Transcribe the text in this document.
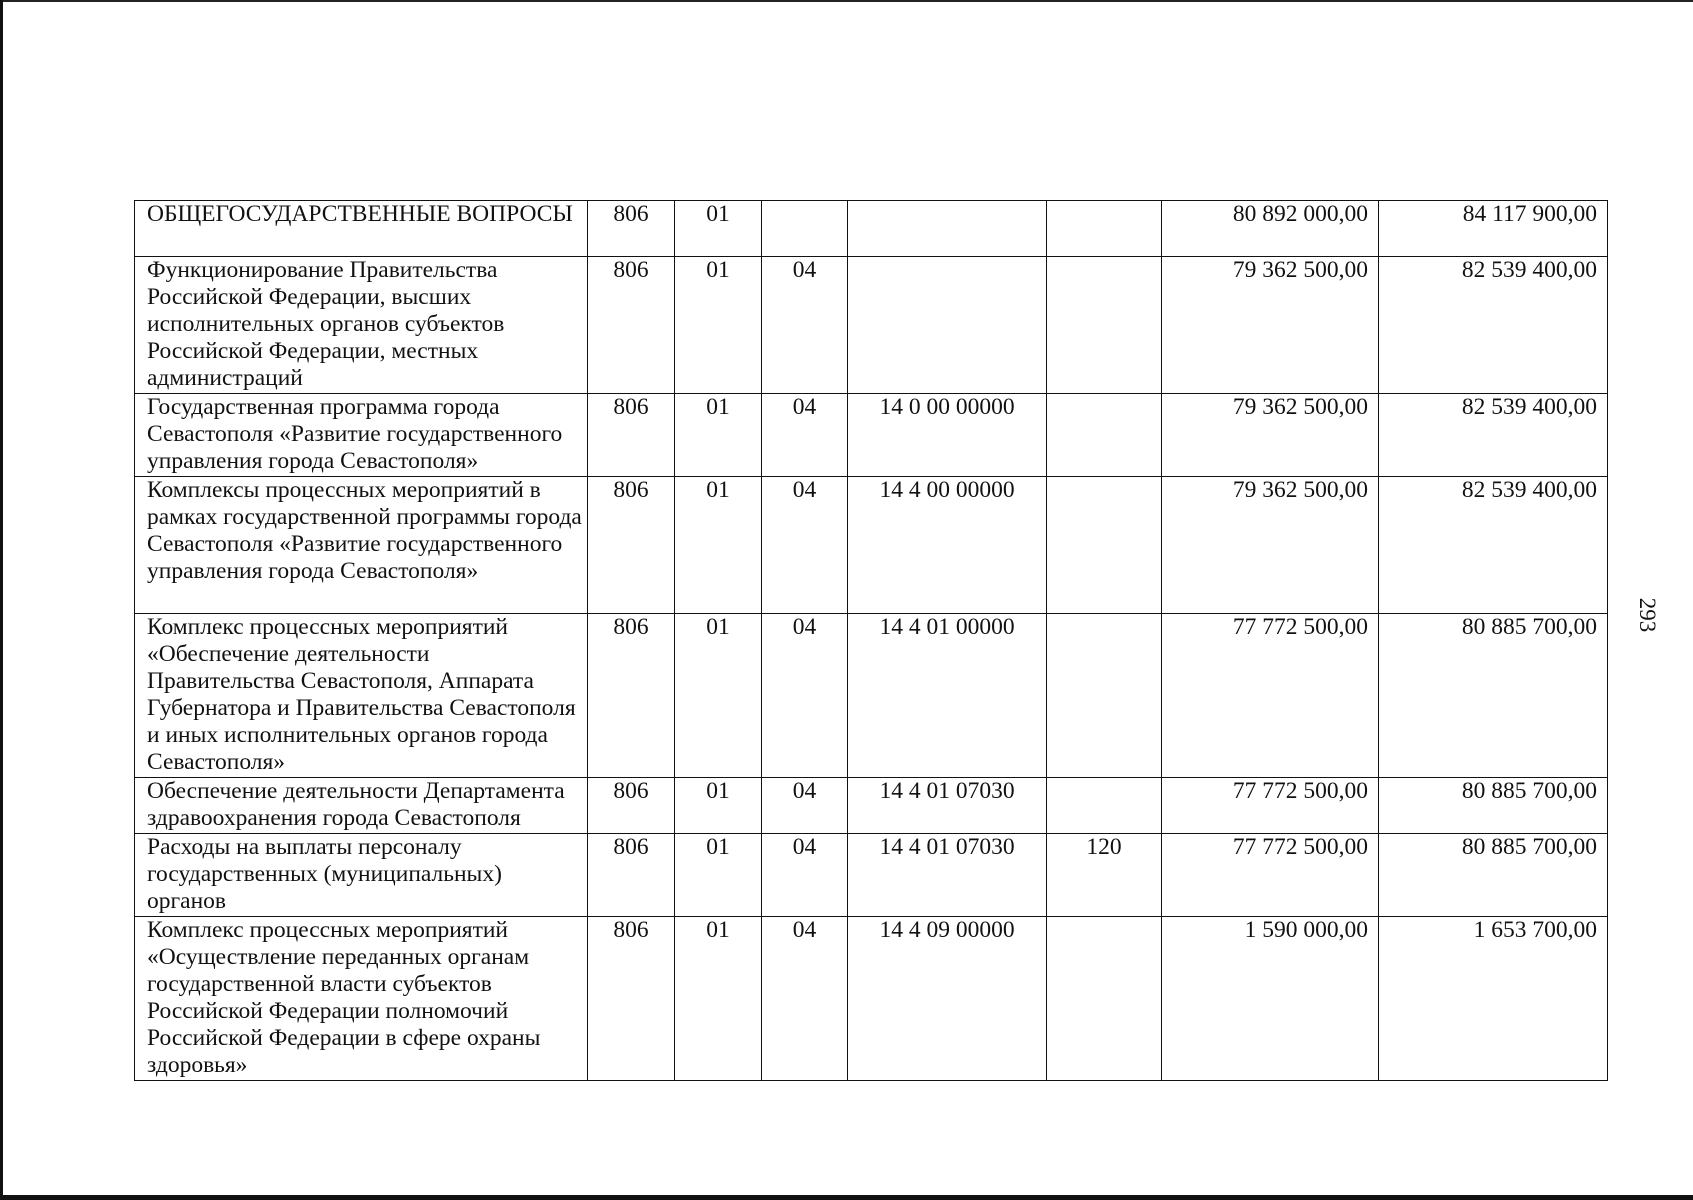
ОБЩЕГОСУДАРСТВЕННЫЕ ВОПРОСЫ	806	01				80 892 000,00	84 117 900,00
Функционирование Правительства Российской Федерации, высших исполнительных органов субъектов Российской Федерации, местных администраций	806	01	04			79 362 500,00	82 539 400,00
Государственная программа города Севастополя «Развитие государственного управления города Севастополя»	806	01	04	14 0 00 00000		79 362 500,00	82 539 400,00
Комплексы процессных мероприятий в рамках государственной программы города Севастополя «Развитие государственного управления города Севастополя»	806	01	04	14 4 00 00000		79 362 500,00	82 539 400,00
Комплекс процессных мероприятий «Обеспечение деятельности Правительства Севастополя, Аппарата Губернатора и Правительства Севастополя и иных исполнительных органов города Севастополя»	806	01	04	14 4 01 00000		77 772 500,00	80 885 700,00
Обеспечение деятельности Департамента здравоохранения города Севастополя	806	01	04	14 4 01 07030		77 772 500,00	80 885 700,00
Расходы на выплаты персоналу государственных (муниципальных) органов	806	01	04	14 4 01 07030	120	77 772 500,00	80 885 700,00
Комплекс процессных мероприятий «Осуществление переданных органам государственной власти субъектов Российской Федерации полномочий Российской Федерации в сфере охраны здоровья»	806	01	04	14 4 09 00000		1 590 000,00	1 653 700,00
293
